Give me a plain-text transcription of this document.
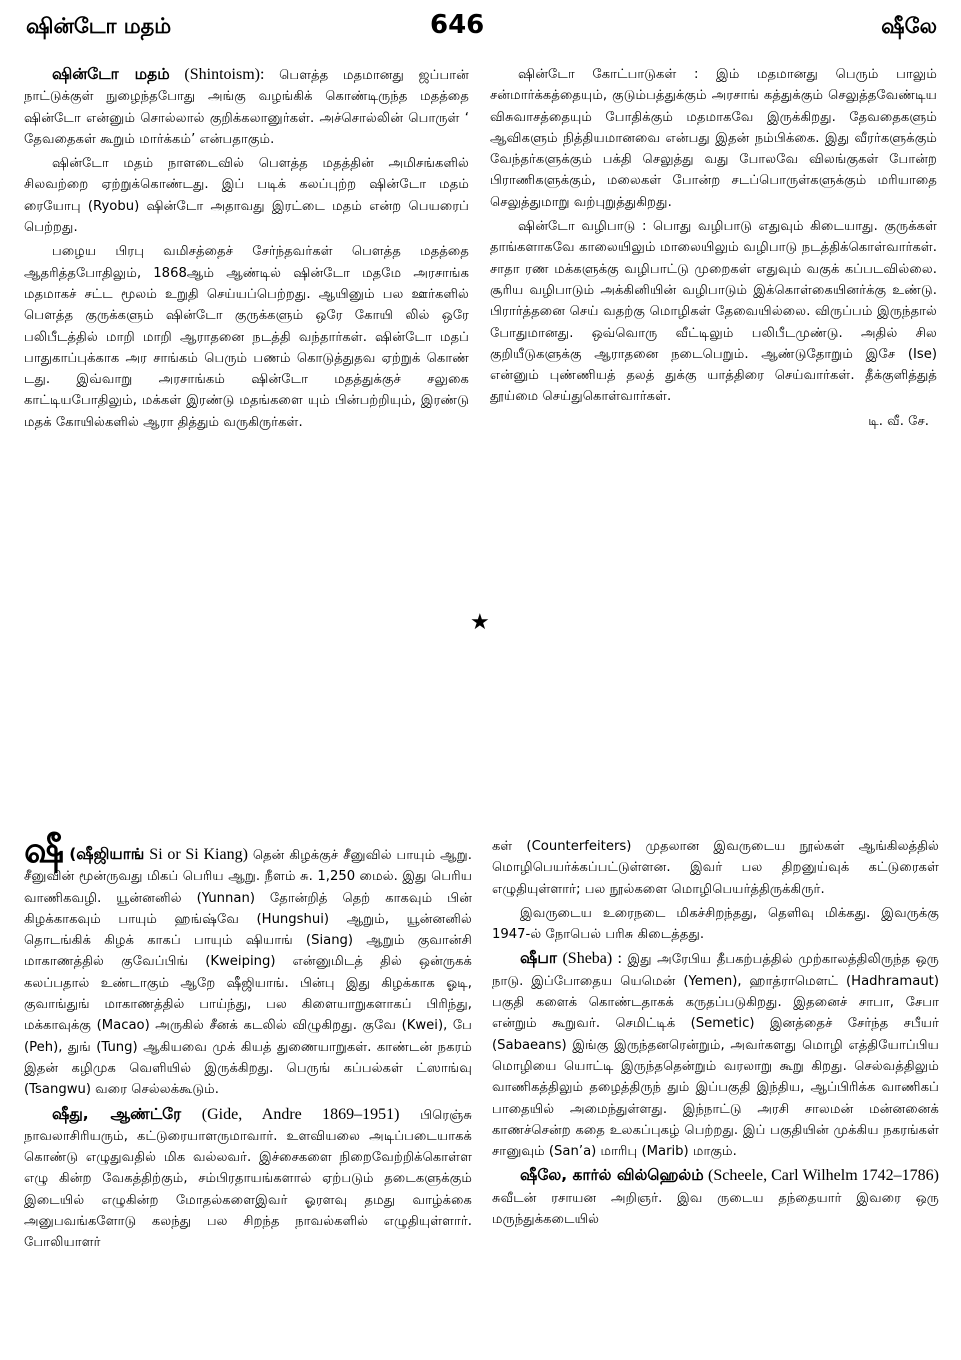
ஷின்டோ மதம்	646	ஷீலே

ஷின்டோ மதம் (Shintoism): பௌத்த மதமானது ஜப்பான் நாட்டுக்குள் நுழைந்தபோது அங்கு வழங்கிக் கொண்டிருந்த மதத்தை ஷின்டோ என்னும் சொல்லால் குறிக்கலானுர்கள். அச்சொல்லின் பொருள் ‘ தேவதைகள் கூறும் மார்க்கம்’ என்பதாகும்.

ஷின்டோ மதம் நாளடைவில் பௌத்த மதத்தின் அமிசங்களில் சிலவற்றை ஏற்றுக்கொண்டது. இப் படிக் கலப்புற்ற ஷின்டோ மதம் ரையோபு (Ryobu) ஷின்டோ அதாவது இரட்டை மதம் என்ற பெயரைப் பெற்றது.

பழைய பிரபு வமிசத்தைச் சேர்ந்தவர்கள் பௌத்த மதத்தை ஆதரித்தபோதிலும், 1868ஆம் ஆண்டில் ஷின்டோ மதமே அரசாங்க மதமாகச் சட்ட மூலம் உறுதி செய்யப்பெற்றது. ஆயினும் பல ஊர்களில் பௌத்த குருக்களும் ஷின்டோ குருக்களும் ஒரே கோயி லில் ஒரே பலிபீடத்தில் மாறி மாறி ஆராதனை நடத்தி வந்தார்கள். ஷின்டோ மதப் பாதுகாப்புக்காக அர சாங்கம் பெரும் பணம் கொடுத்துதவ ஏற்றுக் கொண் டது. இவ்வாறு அரசாங்கம் ஷின்டோ மதத்துக்குச் சலுகை காட்டியபோதிலும், மக்கள் இரண்டு மதங்களை யும் பின்பற்றியும், இரண்டு மதக் கோயில்களில் ஆரா தித்தும் வருகிருர்கள்.

ஷின்டோ கோட்பாடுகள் : இம் மதமானது பெரும் பாலும் சன்மார்க்கத்தையும், குடும்பத்துக்கும் அரசாங் கத்துக்கும் செலுத்தவேண்டிய விசுவாசத்தையும் போதிக்கும் மதமாகவே இருக்கிறது. தேவதைகளும் ஆவிகளும் நித்தியமானவை என்பது இதன் நம்பிக்கை. இது வீரர்களுக்கும் வேந்தர்களுக்கும் பக்தி செலுத்து வது போலவே விலங்குகள் போன்ற பிராணிகளுக்கும், மலைகள் போன்ற சடப்பொருள்களுக்கும் மரியாதை செலுத்துமாறு வற்புறுத்துகிறது.

ஷின்டோ வழிபாடு : பொது வழிபாடு எதுவும் கிடையாது. குருக்கள் தாங்களாகவே காலையிலும் மாலையிலும் வழிபாடு நடத்திக்கொள்வார்கள். சாதா ரண மக்களுக்கு வழிபாட்டு முறைகள் எதுவும் வகுக் கப்படவில்லை. சூரிய வழிபாடும் அக்கினியின் வழிபாடும் இக்கொள்கையினர்க்கு உண்டு. பிரார்த்தனை செய் வதற்கு மொழிகள் தேவையில்லை. விருப்பம் இருந்தால் போதுமானது. ஒவ்வொரு வீட்டிலும் பலிபீடமுண்டு. அதில் சில குறியீடுகளுக்கு ஆராதனை நடைபெறும். ஆண்டுதோறும் இசே (Ise) என்னும் புண்ணியத் தலத் துக்கு யாத்திரை செய்வார்கள். தீக்குளித்துத் தூய்மை செய்துகொள்வார்கள்.

டி. வீ. சே.
★

ஷீ (ஷீஜியாங் Si or Si Kiang) தென் கிழக்குச் சீனுவில் பாயும் ஆறு. சீனுவின் மூன்ருவது மிகப் பெரிய ஆறு. நீளம் சு. 1,250 மைல். இது பெரிய வாணிகவழி. யூன்னனில் (Yunnan) தோன்றித் தெற் காகவும் பின் கிழக்காகவும் பாயும் ஹங்ஷ்வே (Hungshui) ஆறும், யூன்னனில் தொடங்கிக் கிழக் காகப் பாயும் ஷியாங் (Siang) ஆறும் குவான்சி மாகாணத்தில் குவேப்பிங் (Kweiping) என்னுமிடத் தில் ஒன்ருகக் கலப்பதால் உண்டாகும் ஆறே ஷீஜியாங். பின்பு இது கிழக்காக ஓடி, குவாங்துங் மாகாணத்தில் பாய்ந்து, பல கிளையாறுகளாகப் பிரிந்து, மக்காவுக்கு (Macao) அருகில் சீனக் கடலில் விழுகிறது. குவே (Kwei), பே (Peh), துங் (Tung) ஆகியவை முக் கியத் துணையாறுகள். காண்டன் நகரம் இதன் கழிமுக வெளியில் இருக்கிறது. பெருங் கப்பல்கள் ட்ஸாங்வு (Tsangwu) வரை செல்லக்கூடும்.

ஷீது, ஆண்ட்ரே (Gide, Andre 1869–1951) பிரெஞ்சு நாவலாசிரியரும், கட்டுரையாளருமாவார். உளவியலை அடிப்படையாகக் கொண்டு எழுதுவதில் மிக வல்லவர். இச்சைகளை நிறைவேற்றிக்கொள்ள எழு கின்ற வேகத்திற்கும், சம்பிரதாயங்களால் ஏற்படும் தடைகளுக்கும் இடையில் எழுகின்ற மோதல்களைஇவர் ஓரளவு தமது வாழ்க்கை அனுபவங்களோடு கலந்து பல சிறந்த நாவல்களில் எழுதியுள்ளார். போலியாளர்

கள் (Counterfeiters) முதலான இவருடைய நூல்கள் ஆங்கிலத்தில் மொழிபெயர்க்கப்பட்டுள்ளன. இவர் பல திறனுய்வுக் கட்டுரைகள் எழுதியுள்ளார்; பல நூல்களை மொழிபெயர்த்திருக்கிருர்.

இவருடைய உரைநடை மிகச்சிறந்தது, தெளிவு மிக்கது. இவருக்கு 1947-ல் நோபெல் பரிசு கிடைத்தது.

ஷீபா (Sheba) : இது அரேபிய தீபகற்பத்தில் முற்காலத்திலிருந்த ஒரு நாடு. இப்போதைய யெமென் (Yemen), ஹாத்ராமௌட் (Hadhramaut) பகுதி களைக் கொண்டதாகக் கருதப்படுகிறது. இதனைச் சாபா, சேபா என்றும் கூறுவர். செமிட்டிக் (Semetic) இனத்தைச் சேர்ந்த சபீயர் (Sabaeans) இங்கு இருந்தனரென்றும், அவர்களது மொழி எத்தியோப்பிய மொழியை யொட்டி இருந்ததென்றும் வரலாறு கூறு கிறது. செல்வத்திலும் வாணிகத்திலும் தழைத்திருந் தும் இப்பகுதி இந்திய, ஆப்பிரிக்க வாணிகப் பாதையில் அமைந்துள்ளது. இந்நாட்டு அரசி சாலமன் மன்னனைக் காணச்சென்ற கதை உலகப்புகழ் பெற்றது. இப் பகுதியின் முக்கிய நகரங்கள் சானுவும் (San’a) மாரிபு (Marib) மாகும்.

ஷீலே, கார்ல் வில்ஹெல்ம் (Scheele, Carl Wilhelm 1742–1786) சுவீடன் ரசாயன அறிஞர். இவ ருடைய தந்தையார் இவரை ஒரு மருந்துக்கடையில்
